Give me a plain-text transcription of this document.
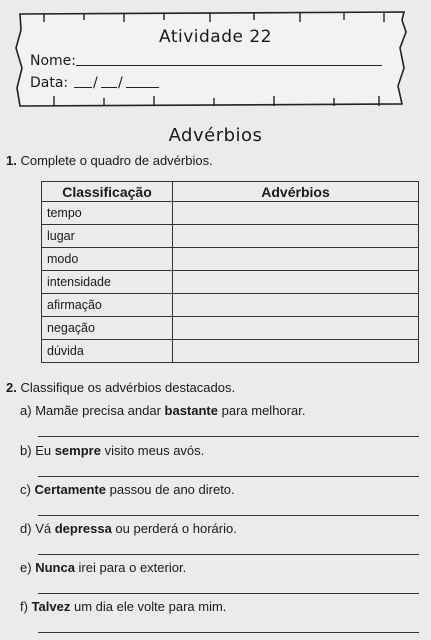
Atividade 22
Nome:
Data: / /
Advérbios
1. Complete o quadro de advérbios.
Classificação	Advérbios
tempo	
lugar	
modo	
intensidade	
afirmação	
negação	
dúvida	
2. Classifique os advérbios destacados.
a) Mamãe precisa andar bastante para melhorar.
b) Eu sempre visito meus avós.
c) Certamente passou de ano direto.
d) Vá depressa ou perderá o horário.
e) Nunca irei para o exterior.
f) Talvez um dia ele volte para mim.
